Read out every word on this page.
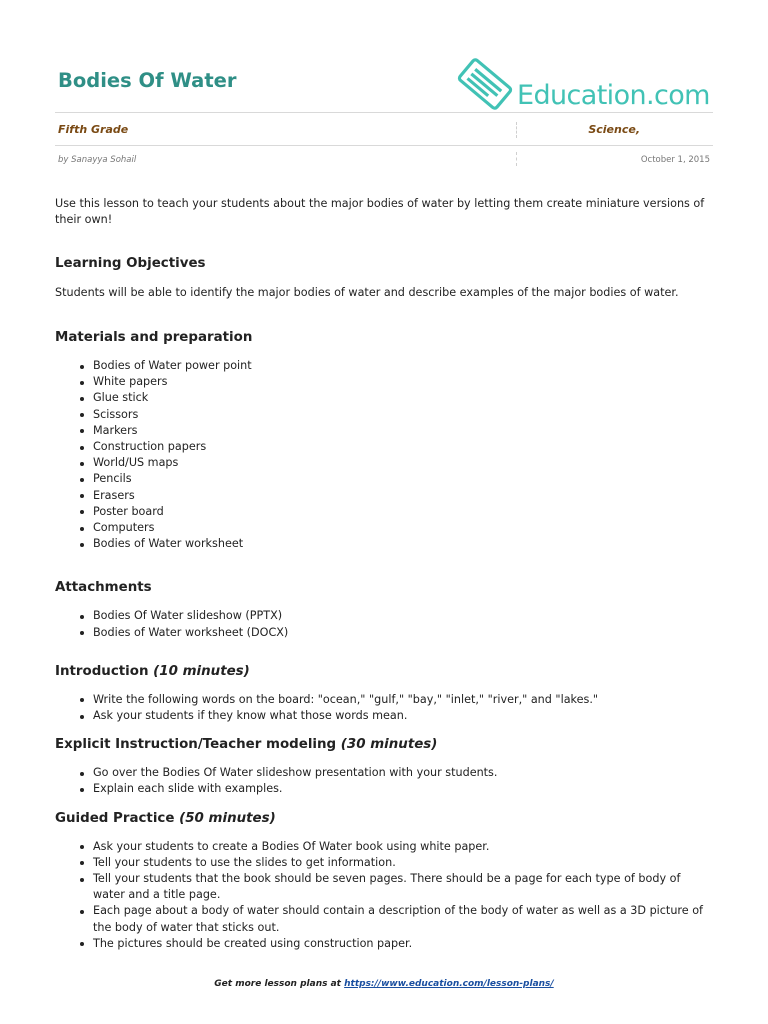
Bodies Of Water	Education.com
Fifth Grade	Science,
by Sanayya Sohail	October 1, 2015

Use this lesson to teach your students about the major bodies of water by letting them create miniature versions of their own!

Learning Objectives

Students will be able to identify the major bodies of water and describe examples of the major bodies of water.

Materials and preparation
Bodies of Water power point
White papers
Glue stick
Scissors
Markers
Construction papers
World/US maps
Pencils
Erasers
Poster board
Computers
Bodies of Water worksheet
Attachments
Bodies Of Water slideshow (PPTX)
Bodies of Water worksheet (DOCX)
Introduction (10 minutes)
Write the following words on the board: "ocean," "gulf," "bay," "inlet," "river," and "lakes."
Ask your students if they know what those words mean.
Explicit Instruction/Teacher modeling (30 minutes)
Go over the Bodies Of Water slideshow presentation with your students.
Explain each slide with examples.
Guided Practice (50 minutes)
Ask your students to create a Bodies Of Water book using white paper.
Tell your students to use the slides to get information.
Tell your students that the book should be seven pages. There should be a page for each type of body of water and a title page.
Each page about a body of water should contain a description of the body of water as well as a 3D picture of the body of water that sticks out.
The pictures should be created using construction paper.
Get more lesson plans at https://www.education.com/lesson-plans/
